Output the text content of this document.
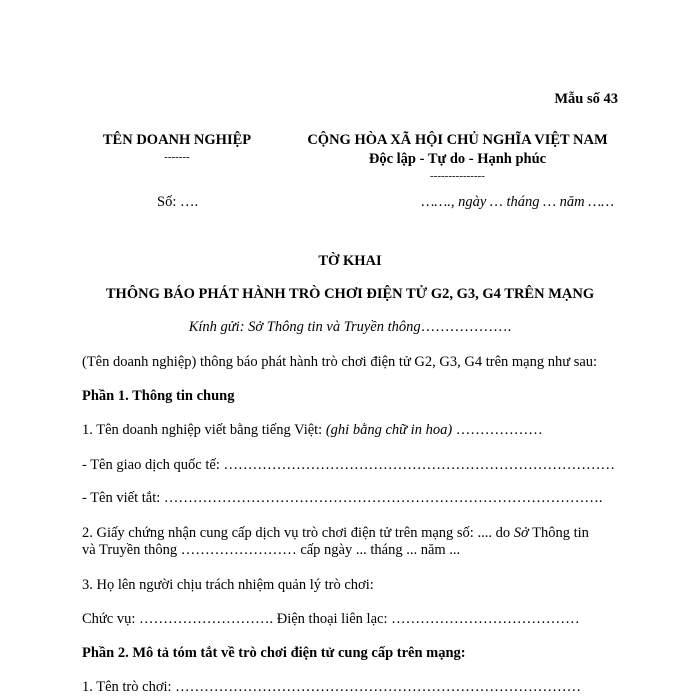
Mẫu số 43
TÊN DOANH NGHIỆP
-------
CỘNG HÒA XÃ HỘI CHỦ NGHĨA VIỆT NAM
Độc lập - Tự do - Hạnh phúc
---------------
Số: ….	……., ngày … tháng … năm ……
TỜ KHAI
THÔNG BÁO PHÁT HÀNH TRÒ CHƠI ĐIỆN TỬ G2, G3, G4 TRÊN MẠNG
Kính gửi: Sở Thông tin và Truyền thông……………….
(Tên doanh nghiệp) thông báo phát hành trò chơi điện tử G2, G3, G4 trên mạng như sau:
Phần 1. Thông tin chung
1. Tên doanh nghiệp viết bằng tiếng Việt: (ghi bằng chữ in hoa) ………………
- Tên giao dịch quốc tế: ………………………………………………………………………
- Tên viết tắt: ……………………………………………………………………………….
2. Giấy chứng nhận cung cấp dịch vụ trò chơi điện tử trên mạng số: .... do Sở Thông tin
và Truyền thông …………………… cấp ngày ... tháng ... năm ...
3. Họ lên người chịu trách nhiệm quản lý trò chơi:
Chức vụ: ………………………. Điện thoại liên lạc: …………………………………
Phần 2. Mô tả tóm tắt về trò chơi điện tử cung cấp trên mạng:
1. Tên trò chơi: …………………………………………………………………………
